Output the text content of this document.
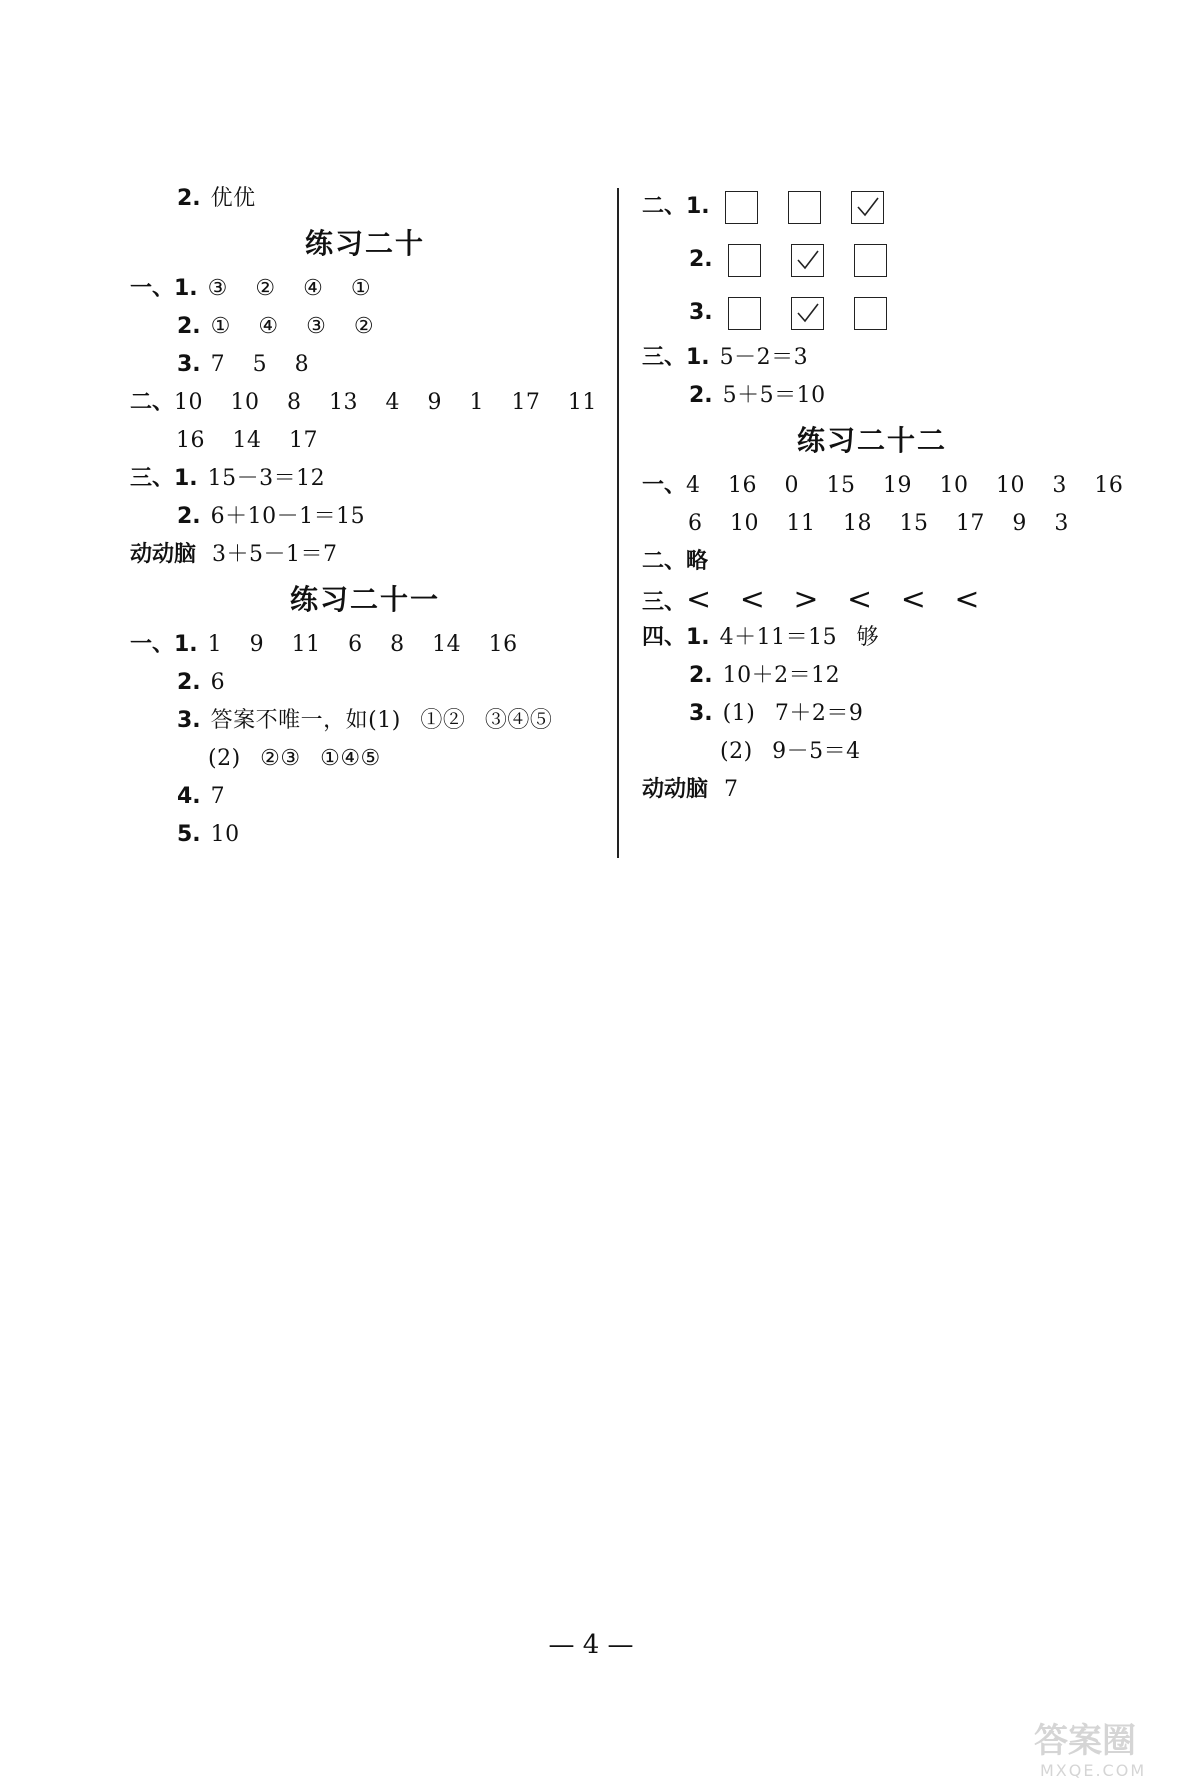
2. 优优
练习二十
一、1. ③ ② ④ ①
2. ① ④ ③ ②
3. 7 5 8
二、10 10 8 13 4 9 1 17 11
16 14 17
三、1. 15－3＝12
2. 6＋10－1＝15
动动脑 3＋5－1＝7
练习二十一
一、1. 1 9 11 6 8 14 16
2. 6
3. 答案不唯一，如(1) ①② ③④⑤
(2) ②③ ①④⑤
4. 7
5. 10
二、1.
2.
3.
三、1. 5－2＝3
2. 5＋5＝10
练习二十二
一、4 16 0 15 19 10 10 3 16
6 10 11 18 15 17 9 3
二、略
三、< < > < < <
四、1. 4＋11＝15 够
2. 10＋2＝12
3. (1) 7＋2＝9
(2) 9－5＝4
动动脑 7
— 4 —
答案圈
MXQE.COM
